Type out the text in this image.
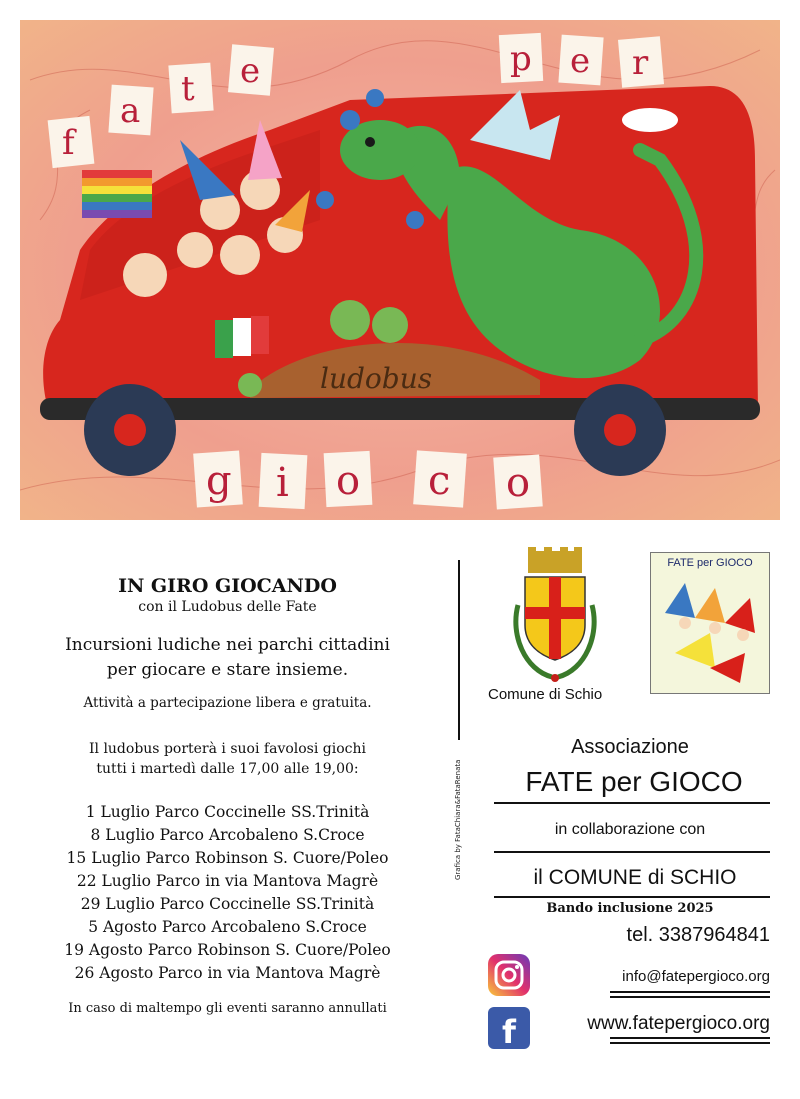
ludobus
f
a
t e	p e r
g i o c o
IN GIRO GIOCANDO

con il Ludobus delle Fate

Incursioni ludiche nei parchi cittadini

per giocare e stare insieme.

Attività a partecipazione libera e gratuita.

Il ludobus porterà i suoi favolosi giochi
tutti i martedì dalle 17,00 alle 19,00:

1 Luglio Parco Coccinelle SS.Trinità
8 Luglio Parco Arcobaleno S.Croce
15 Luglio Parco Robinson S. Cuore/Poleo
22 Luglio Parco in via Mantova Magrè
29 Luglio Parco Coccinelle SS.Trinità
5 Agosto Parco Arcobaleno S.Croce
19 Agosto Parco Robinson S. Cuore/Poleo
26 Agosto Parco in via Mantova Magrè
In caso di maltempo gli eventi saranno annullati
Grafica by FataChiara&FataRenata
Comune di Schio
FATE per GIOCO
Associazione
FATE per GIOCO
in collaborazione con
il COMUNE di SCHIO
Bando inclusione 2025
tel. 3387964841
info@fatepergioco.org
f	www.fatepergioco.org
